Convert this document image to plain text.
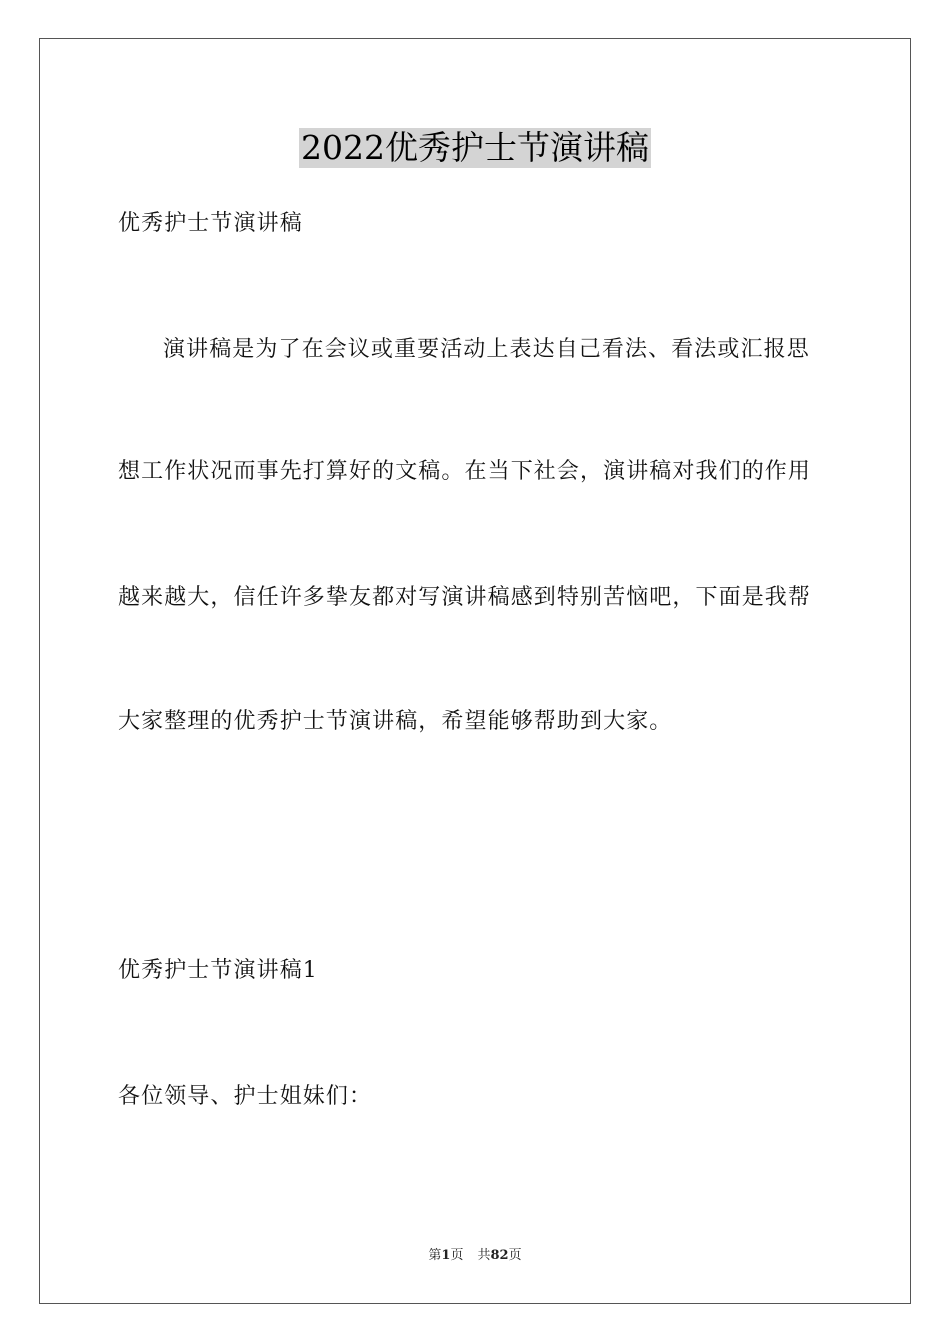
2022优秀护士节演讲稿
优秀护士节演讲稿
演讲稿是为了在会议或重要活动上表达自己看法、看法或汇报思
想工作状况而事先打算好的文稿。在当下社会，演讲稿对我们的作用
越来越大，信任许多挚友都对写演讲稿感到特别苦恼吧，下面是我帮
大家整理的优秀护士节演讲稿，希望能够帮助到大家。
优秀护士节演讲稿1
各位领导、护士姐妹们：
第1页 共82页
